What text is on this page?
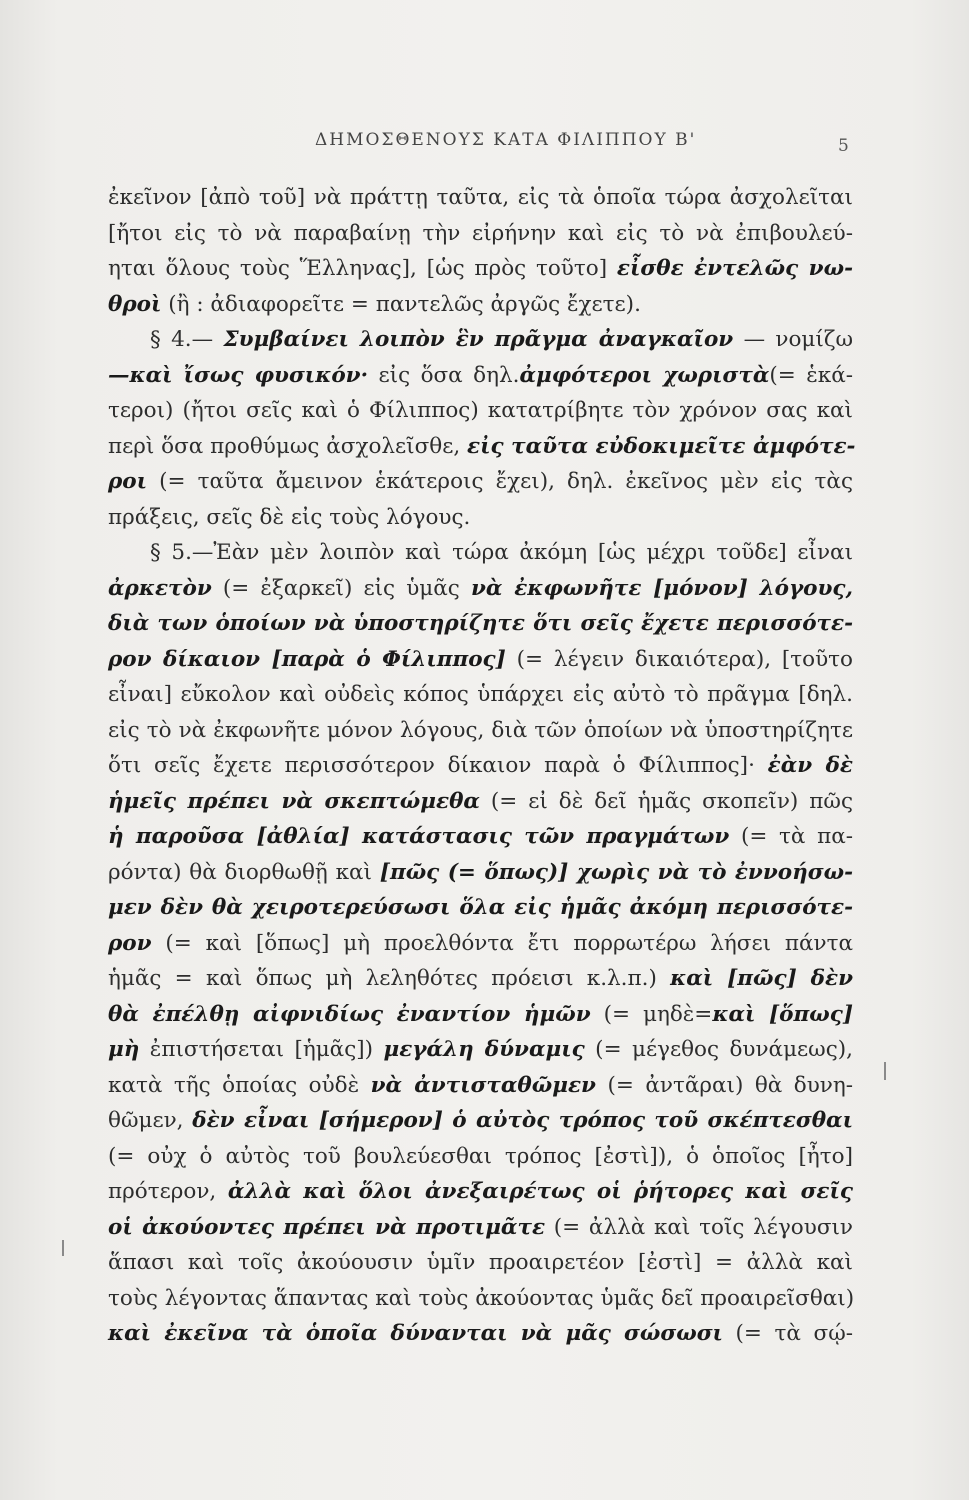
ΔΗΜΟΣΘΕΝΟΥΣ ΚΑΤΑ ΦΙΛΙΠΠΟΥ Β'	5
ἐκεῖνον [ἀπὸ τοῦ] νὰ πράττῃ ταῦτα, εἰς τὰ ὁποῖα τώρα ἀσχολεῖται
[ἤτοι εἰς τὸ νὰ παραβαίνῃ τὴν εἰρήνην καὶ εἰς τὸ νὰ ἐπιβουλεύ-
ηται ὅλους τοὺς Ἕλληνας], [ὡς πρὸς τοῦτο] εἶσθε ἐντελῶς νω-
θροὶ (ἢ : ἀδιαφορεῖτε = παντελῶς ἀργῶς ἔχετε).
§ 4.— Συμβαίνει λοιπὸν ἓν πρᾶγμα ἀναγκαῖον — νομίζω
—καὶ ἴσως φυσικόν· εἰς ὅσα δηλ.ἀμφότεροι χωριστὰ(= ἑκά-
τεροι) (ἤτοι σεῖς καὶ ὁ Φίλιππος) κατατρίβητε τὸν χρόνον σας καὶ
περὶ ὅσα προθύμως ἀσχολεῖσθε, εἰς ταῦτα εὐδοκιμεῖτε ἀμφότε-
ροι (= ταῦτα ἄμεινον ἑκάτεροις ἔχει), δηλ. ἐκεῖνος μὲν εἰς τὰς
πράξεις, σεῖς δὲ εἰς τοὺς λόγους.
§ 5.—Ἐὰν μὲν λοιπὸν καὶ τώρα ἀκόμη [ὡς μέχρι τοῦδε] εἶναι
ἀρκετὸν (= ἐξαρκεῖ) εἰς ὑμᾶς νὰ ἐκφωνῆτε [μόνον] λόγους,
διὰ των ὁποίων νὰ ὑποστηρίζητε ὅτι σεῖς ἔχετε περισσότε-
ρον δίκαιον [παρὰ ὁ Φίλιππος] (= λέγειν δικαιότερα), [τοῦτο
εἶναι] εὔκολον καὶ οὐδεὶς κόπος ὑπάρχει εἰς αὐτὸ τὸ πρᾶγμα [δηλ.
εἰς τὸ νὰ ἐκφωνῆτε μόνον λόγους, διὰ τῶν ὁποίων νὰ ὑποστηρίζητε
ὅτι σεῖς ἔχετε περισσότερον δίκαιον παρὰ ὁ Φίλιππος]· ἐὰν δὲ
ἡμεῖς πρέπει νὰ σκεπτώμεθα (= εἰ δὲ δεῖ ἡμᾶς σκοπεῖν) πῶς
ἡ παροῦσα [ἀθλία] κατάστασις τῶν πραγμάτων (= τὰ πα-
ρόντα) θὰ διορθωθῇ καὶ [πῶς (= ὅπως)] χωρὶς νὰ τὸ ἐννοήσω-
μεν δὲν θὰ χειροτερεύσωσι ὅλα εἰς ἡμᾶς ἀκόμη περισσότε-
ρον (= καὶ [ὅπως] μὴ προελθόντα ἔτι πορρωτέρω λήσει πάντα
ἡμᾶς = καὶ ὅπως μὴ λεληθότες πρόεισι κ.λ.π.) καὶ [πῶς] δὲν
θὰ ἐπέλθῃ αἰφνιδίως ἐναντίον ἡμῶν (= μηδὲ=καὶ [ὅπως]
μὴ ἐπιστήσεται [ἡμᾶς]) μεγάλη δύναμις (= μέγεθος δυνάμεως),
κατὰ τῆς ὁποίας οὐδὲ νὰ ἀντισταθῶμεν (= ἀντᾶραι) θὰ δυνη-
θῶμεν, δὲν εἶναι [σήμερον] ὁ αὐτὸς τρόπος τοῦ σκέπτεσθαι
(= οὐχ ὁ αὐτὸς τοῦ βουλεύεσθαι τρόπος [ἐστὶ]), ὁ ὁποῖος [ἦτο]
πρότερον, ἀλλὰ καὶ ὅλοι ἀνεξαιρέτως οἱ ῥήτορες καὶ σεῖς
οἱ ἀκούοντες πρέπει νὰ προτιμᾶτε (= ἀλλὰ καὶ τοῖς λέγουσιν
ἅπασι καὶ τοῖς ἀκούουσιν ὑμῖν προαιρετέον [ἐστὶ] = ἀλλὰ καὶ
τοὺς λέγοντας ἅπαντας καὶ τοὺς ἀκούοντας ὑμᾶς δεῖ προαιρεῖσθαι)
καὶ ἐκεῖνα τὰ ὁποῖα δύνανται νὰ μᾶς σώσωσι (= τὰ σῴ-
